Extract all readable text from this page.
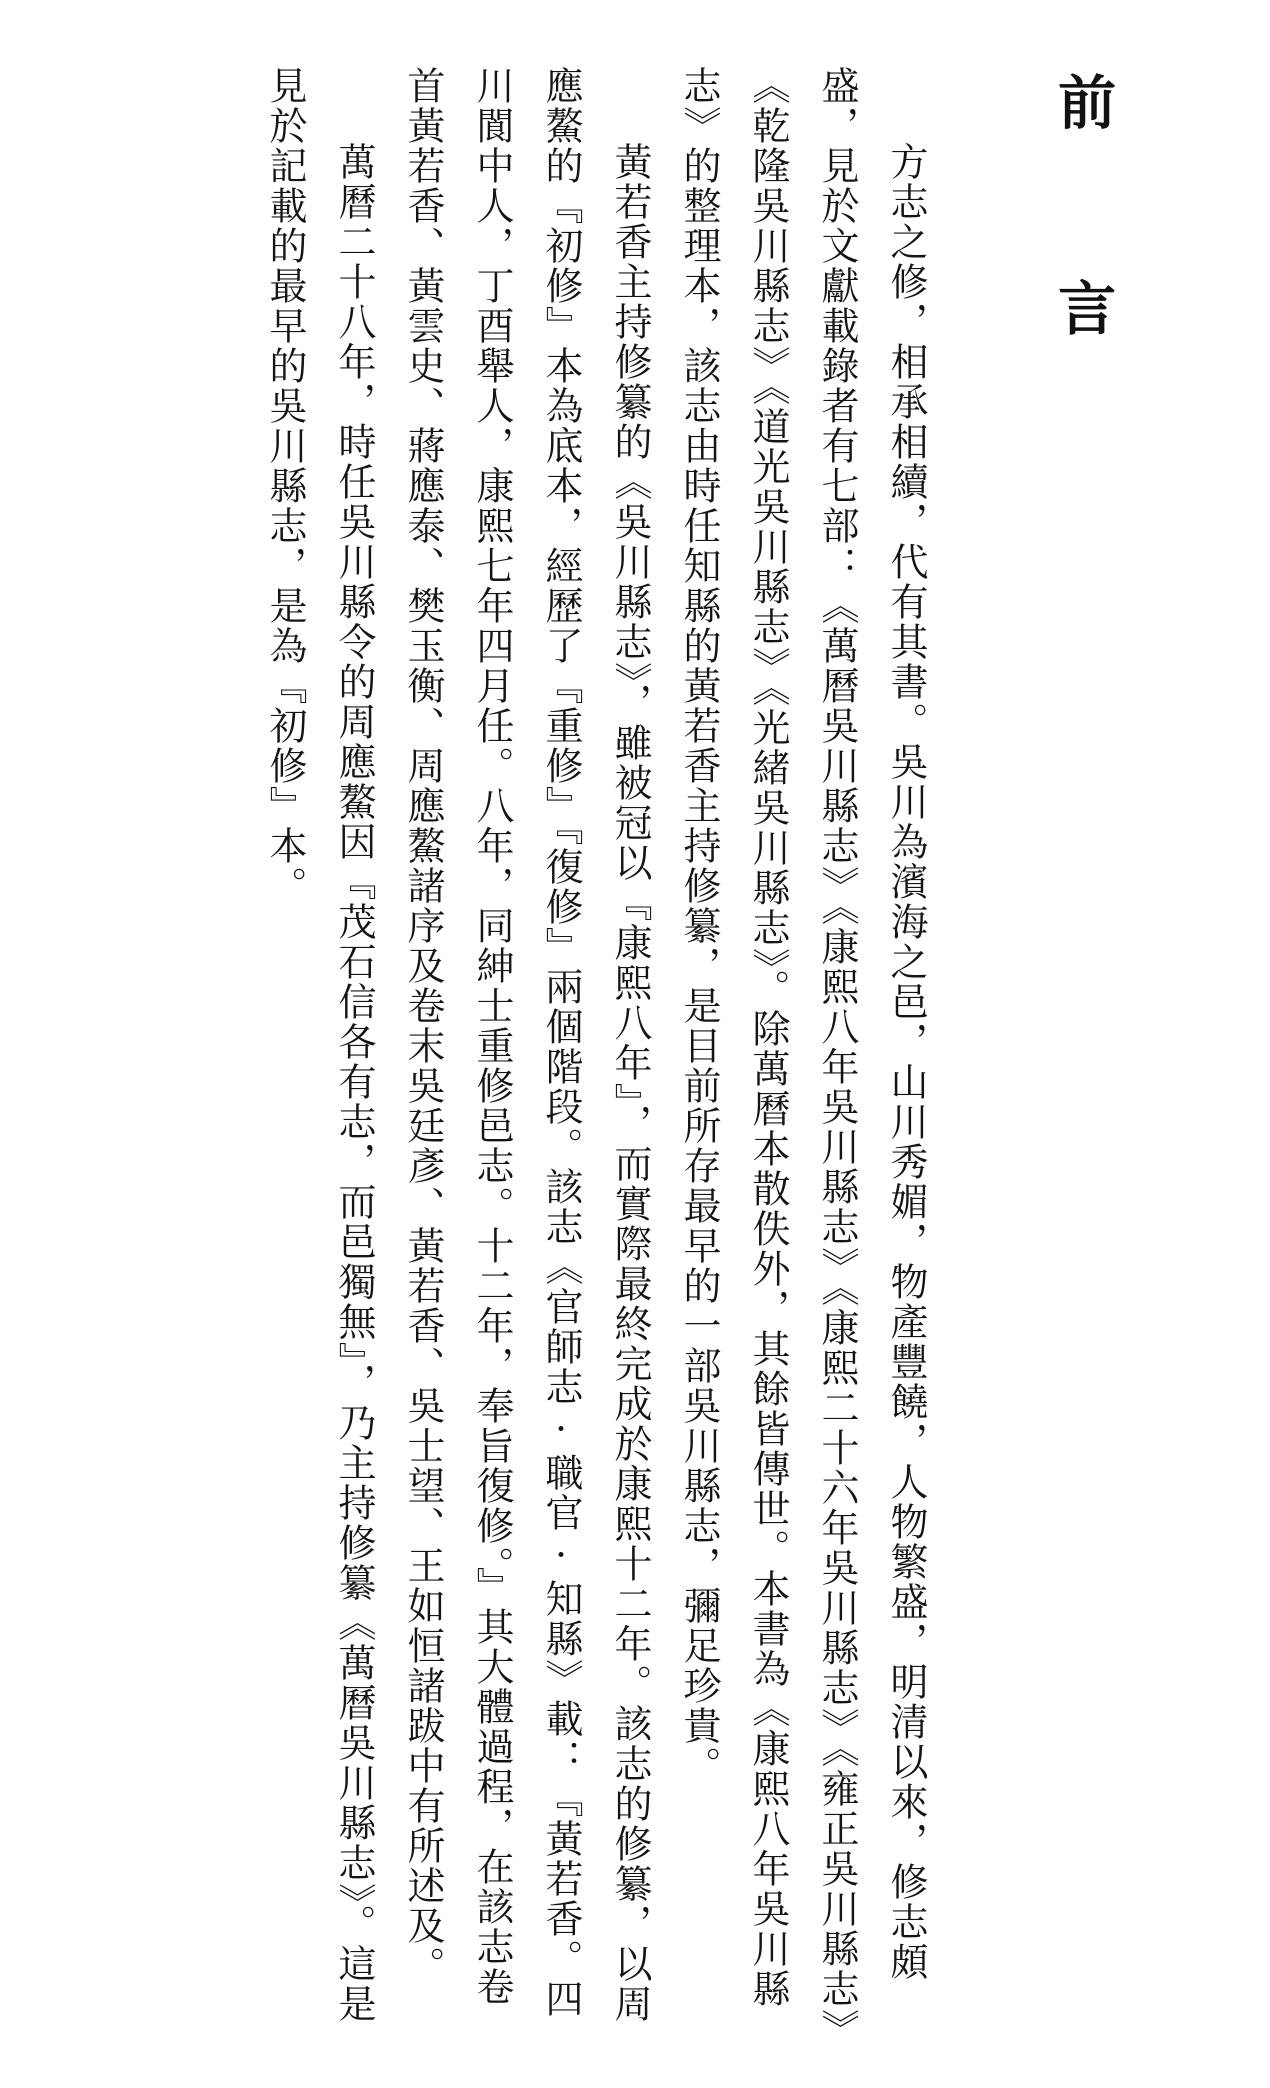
前 言

方志之修，相承相續，代有其書。吳川為濱海之邑，山川秀媚，物產豐饒，人物繁盛，明清以來，修志頗盛，見於文獻載錄者有七部：《萬曆吳川縣志》《康熙八年吳川縣志》《康熙二十六年吳川縣志》《雍正吳川縣志》《乾隆吳川縣志》《道光吳川縣志》《光緒吳川縣志》。除萬曆本散佚外，其餘皆傳世。本書為《康熙八年吳川縣志》的整理本，該志由時任知縣的黃若香主持修纂，是目前所存最早的一部吳川縣志，彌足珍貴。

黃若香主持修纂的《吳川縣志》，雖被冠以『康熙八年』，而實際最終完成於康熙十二年。該志的修纂，以周應鰲的『初修』本為底本，經歷了『重修』『復修』兩個階段。該志《官師志·職官·知縣》載：『黃若香。四川閬中人，丁酉舉人，康熙七年四月任。八年，同紳士重修邑志。十二年，奉旨復修。』其大體過程，在該志卷首黃若香、黃雲史、蔣應泰、樊玉衡、周應鰲諸序及卷末吳廷彥、黃若香、吳士望、王如恒諸跋中有所述及。

萬曆二十八年，時任吳川縣令的周應鰲因『茂石信各有志，而邑獨無』，乃主持修纂《萬曆吳川縣志》。這是見於記載的最早的吳川縣志，是為『初修』本。
